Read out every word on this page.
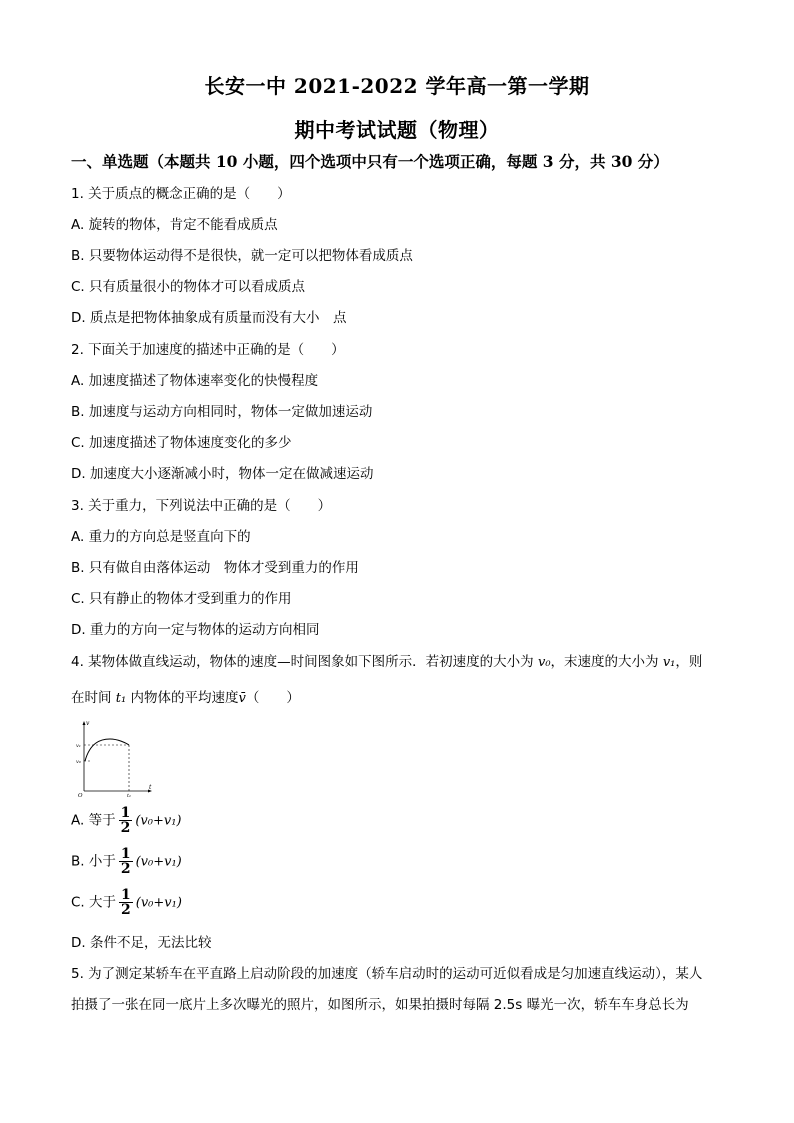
长安一中 2021-2022 学年高一第一学期
期中考试试题（物理）
一、单选题（本题共 10 小题，四个选项中只有一个选项正确，每题 3 分，共 30 分）
1. 关于质点的概念正确的是（　　）
A. 旋转的物体，肯定不能看成质点
B. 只要物体运动得不是很快，就一定可以把物体看成质点
C. 只有质量很小的物体才可以看成质点
D. 质点是把物体抽象成有质量而没有大小　点
2. 下面关于加速度的描述中正确的是（　　）
A. 加速度描述了物体速率变化的快慢程度
B. 加速度与运动方向相同时，物体一定做加速运动
C. 加速度描述了物体速度变化的多少
D. 加速度大小逐渐减小时，物体一定在做减速运动
3. 关于重力，下列说法中正确的是（　　）
A. 重力的方向总是竖直向下的
B. 只有做自由落体运动　物体才受到重力的作用
C. 只有静止的物体才受到重力的作用
D. 重力的方向一定与物体的运动方向相同
4. 某物体做直线运动，物体的速度—时间图象如下图所示．若初速度的大小为 v₀，末速度的大小为 v₁，则
在时间 t₁ 内物体的平均速度v̄（　　）
v
t
O
v₁
v₀
t₁
A. 等于 $\frac{1}{2} (v_0+v_1)$
B. 小于 $\frac{1}{2} (v_0+v_1)$
C. 大于 $\frac{1}{2} (v_0+v_1)$
D. 条件不足，无法比较
5. 为了测定某轿车在平直路上启动阶段的加速度（轿车启动时的运动可近似看成是匀加速直线运动），某人
拍摄了一张在同一底片上多次曝光的照片，如图所示，如果拍摄时每隔 2.5s 曝光一次，轿车车身总长为
